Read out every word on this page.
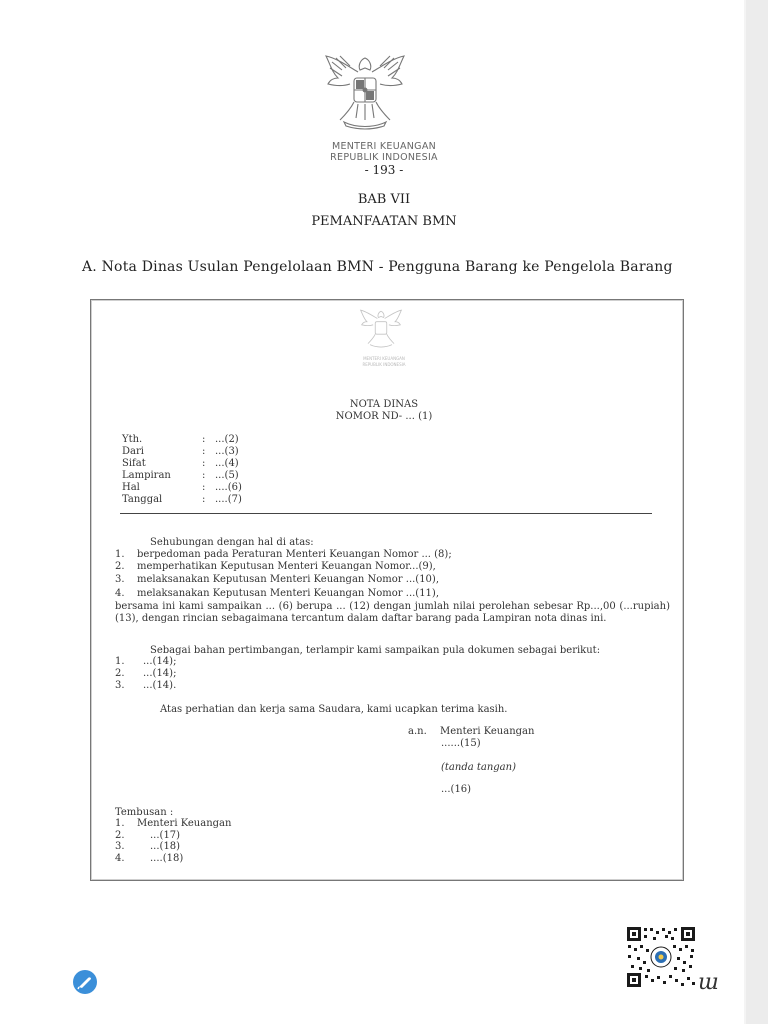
MENTERI KEUANGAN
REPUBLIK INDONESIA
- 193 -
BAB VII
PEMANFAATAN BMN
A. Nota Dinas Usulan Pengelolaan BMN - Pengguna Barang ke Pengelola Barang
MENTERI KEUANGAN
REPUBLIK INDONESIA
NOTA DINAS
NOMOR ND- ... (1)
Yth.	: ...(2)
Dari	: ...(3)
Sifat	: ...(4)
Lampiran	: ...(5)
Hal	: ....(6)
Tanggal	: ....(7)
Sehubungan dengan hal di atas:
1. berpedoman pada Peraturan Menteri Keuangan Nomor ... (8);
2. memperhatikan Keputusan Menteri Keuangan Nomor...(9),
3. melaksanakan Keputusan Menteri Keuangan Nomor ...(10),
4. melaksanakan Keputusan Menteri Keuangan Nomor ...(11),
bersama ini kami sampaikan ... (6) berupa ... (12) dengan jumlah nilai perolehan sebesar Rp...,00 (...rupiah) (13), dengan rincian sebagaimana tercantum dalam daftar barang pada Lampiran nota dinas ini.
Sebagai bahan pertimbangan, terlampir kami sampaikan pula dokumen sebagai berikut:
1. ...(14);
2. ...(14);
3. ...(14).
Atas perhatian dan kerja sama Saudara, kami ucapkan terima kasih.
a.n. Menteri Keuangan
......(15)
(tanda tangan)
...(16)
Tembusan :
1. Menteri Keuangan
2.	...(17)
3.	...(18)
4.	....(18)
ɯ
